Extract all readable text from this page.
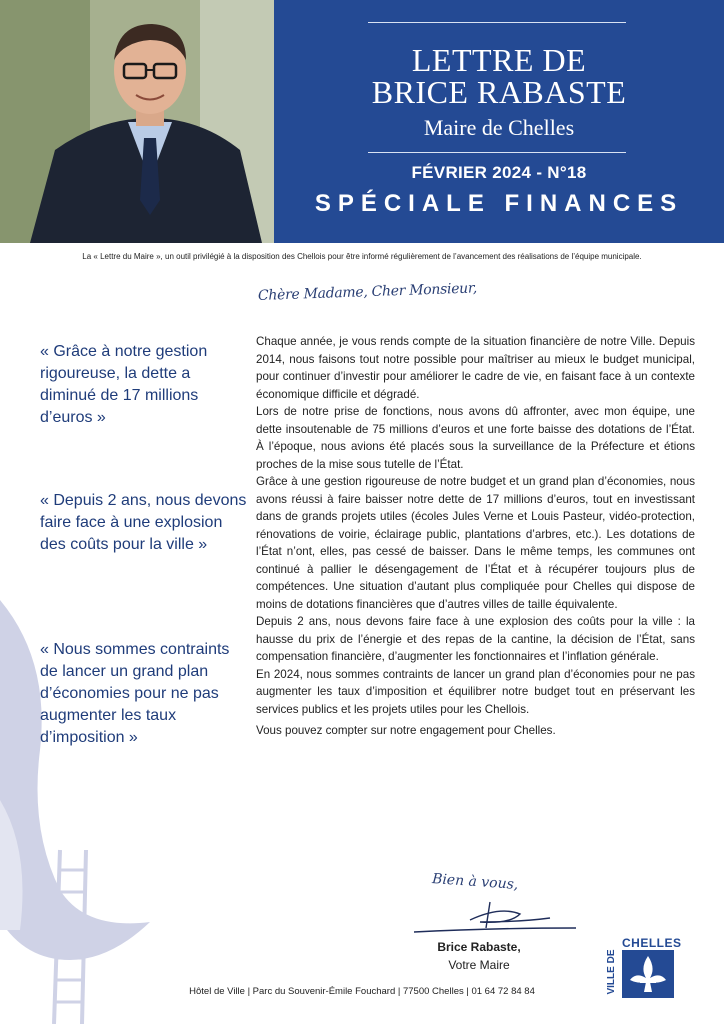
LETTRE DE
BRICE RABASTE
Maire de Chelles
FÉVRIER 2024 - N°18
SPÉCIALE FINANCES
La « Lettre du Maire », un outil privilégié à la disposition des Chellois pour être informé régulièrement de l’avancement des réalisations de l’équipe municipale.
« Grâce à notre gestion rigoureuse, la dette a diminué de 17 millions d’euros »
« Depuis 2 ans, nous devons faire face à une explosion des coûts pour la ville »
« Nous sommes contraints de lancer un grand plan d’économies pour ne pas augmenter les taux d’imposition »
Chère Madame, Cher Monsieur,

Chaque année, je vous rends compte de la situation financière de notre Ville. Depuis 2014, nous faisons tout notre possible pour maîtriser au mieux le budget municipal, pour continuer d’investir pour améliorer le cadre de vie, en faisant face à un contexte économique difficile et dégradé.

Lors de notre prise de fonctions, nous avons dû affronter, avec mon équipe, une dette insoutenable de 75 millions d’euros et une forte baisse des dotations de l’État. À l’époque, nous avions été placés sous la surveillance de la Préfecture et étions proches de la mise sous tutelle de l’État.

Grâce à une gestion rigoureuse de notre budget et un grand plan d’économies, nous avons réussi à faire baisser notre dette de 17 millions d’euros, tout en investissant dans de grands projets utiles (écoles Jules Verne et Louis Pasteur, vidéo-protection, rénovations de voirie, éclairage public, plantations d’arbres, etc.). Les dotations de l’État n’ont, elles, pas cessé de baisser. Dans le même temps, les communes ont continué à pallier le désengagement de l’État et à récupérer toujours plus de compétences. Une situation d’autant plus compliquée pour Chelles qui dispose de moins de dotations financières que d’autres villes de taille équivalente.

Depuis 2 ans, nous devons faire face à une explosion des coûts pour la ville : la hausse du prix de l’énergie et des repas de la cantine, la décision de l’État, sans compensation financière, d’augmenter les fonctionnaires et l’inflation générale.

En 2024, nous sommes contraints de lancer un grand plan d’économies pour ne pas augmenter les taux d’imposition et équilibrer notre budget tout en préservant les services publics et les projets utiles pour les Chellois.

Vous pouvez compter sur notre engagement pour Chelles.

Bien à vous,
Brice Rabaste,
Votre Maire
CHELLES
VILLE DE
Hôtel de Ville | Parc du Souvenir-Émile Fouchard | 77500 Chelles | 01 64 72 84 84
